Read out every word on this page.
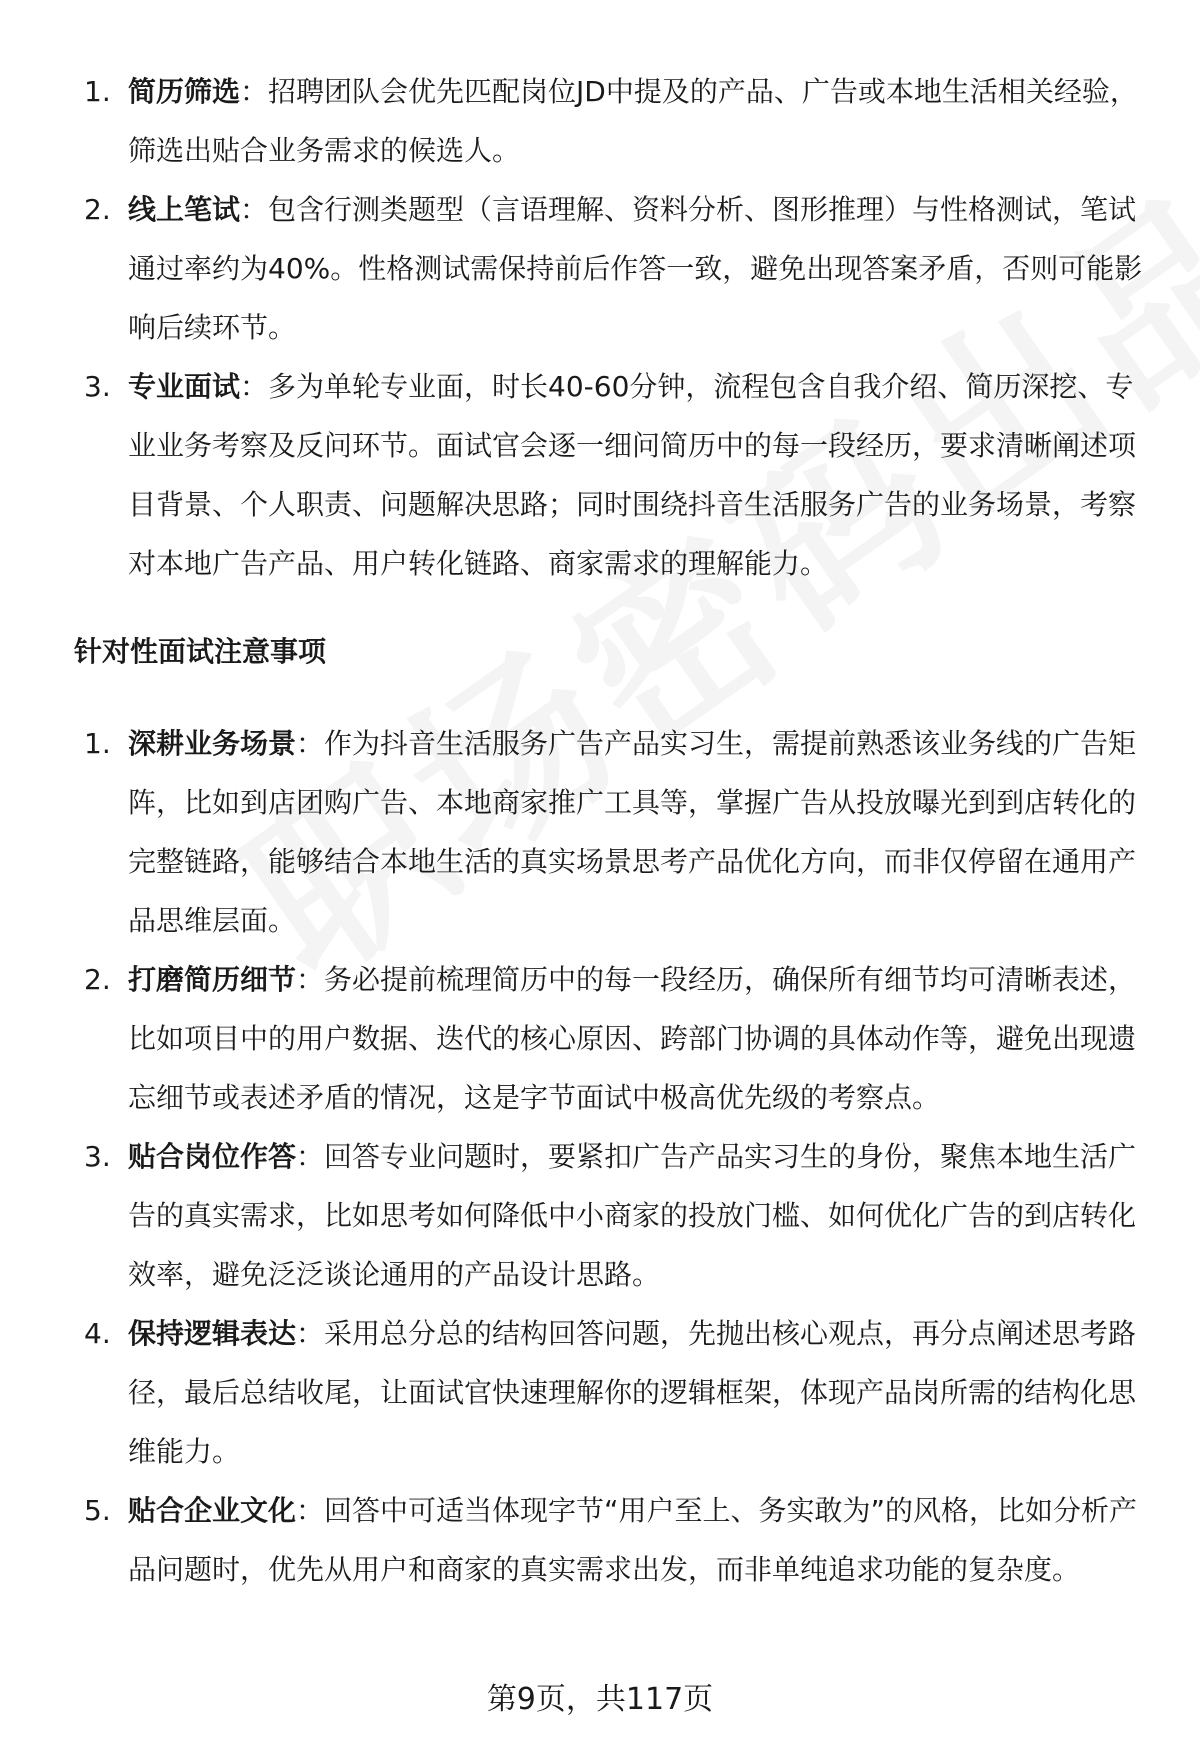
1. 简历筛选：招聘团队会优先匹配岗位JD中提及的产品、广告或本地生活相关经验，筛选出贴合业务需求的候选人。
2. 线上笔试：包含行测类题型（言语理解、资料分析、图形推理）与性格测试，笔试通过率约为40%。性格测试需保持前后作答一致，避免出现答案矛盾，否则可能影响后续环节。
3. 专业面试：多为单轮专业面，时长40-60分钟，流程包含自我介绍、简历深挖、专业业务考察及反问环节。面试官会逐一细问简历中的每一段经历，要求清晰阐述项目背景、个人职责、问题解决思路；同时围绕抖音生活服务广告的业务场景，考察对本地广告产品、用户转化链路、商家需求的理解能力。
针对性面试注意事项
1. 深耕业务场景：作为抖音生活服务广告产品实习生，需提前熟悉该业务线的广告矩阵，比如到店团购广告、本地商家推广工具等，掌握广告从投放曝光到到店转化的完整链路，能够结合本地生活的真实场景思考产品优化方向，而非仅停留在通用产品思维层面。
2. 打磨简历细节：务必提前梳理简历中的每一段经历，确保所有细节均可清晰表述，比如项目中的用户数据、迭代的核心原因、跨部门协调的具体动作等，避免出现遗忘细节或表述矛盾的情况，这是字节面试中极高优先级的考察点。
3. 贴合岗位作答：回答专业问题时，要紧扣广告产品实习生的身份，聚焦本地生活广告的真实需求，比如思考如何降低中小商家的投放门槛、如何优化广告的到店转化效率，避免泛泛谈论通用的产品设计思路。
4. 保持逻辑表达：采用总分总的结构回答问题，先抛出核心观点，再分点阐述思考路径，最后总结收尾，让面试官快速理解你的逻辑框架，体现产品岗所需的结构化思维能力。
5. 贴合企业文化：回答中可适当体现字节“用户至上、务实敢为”的风格，比如分析产品问题时，优先从用户和商家的真实需求出发，而非单纯追求功能的复杂度。
第9页，共117页
